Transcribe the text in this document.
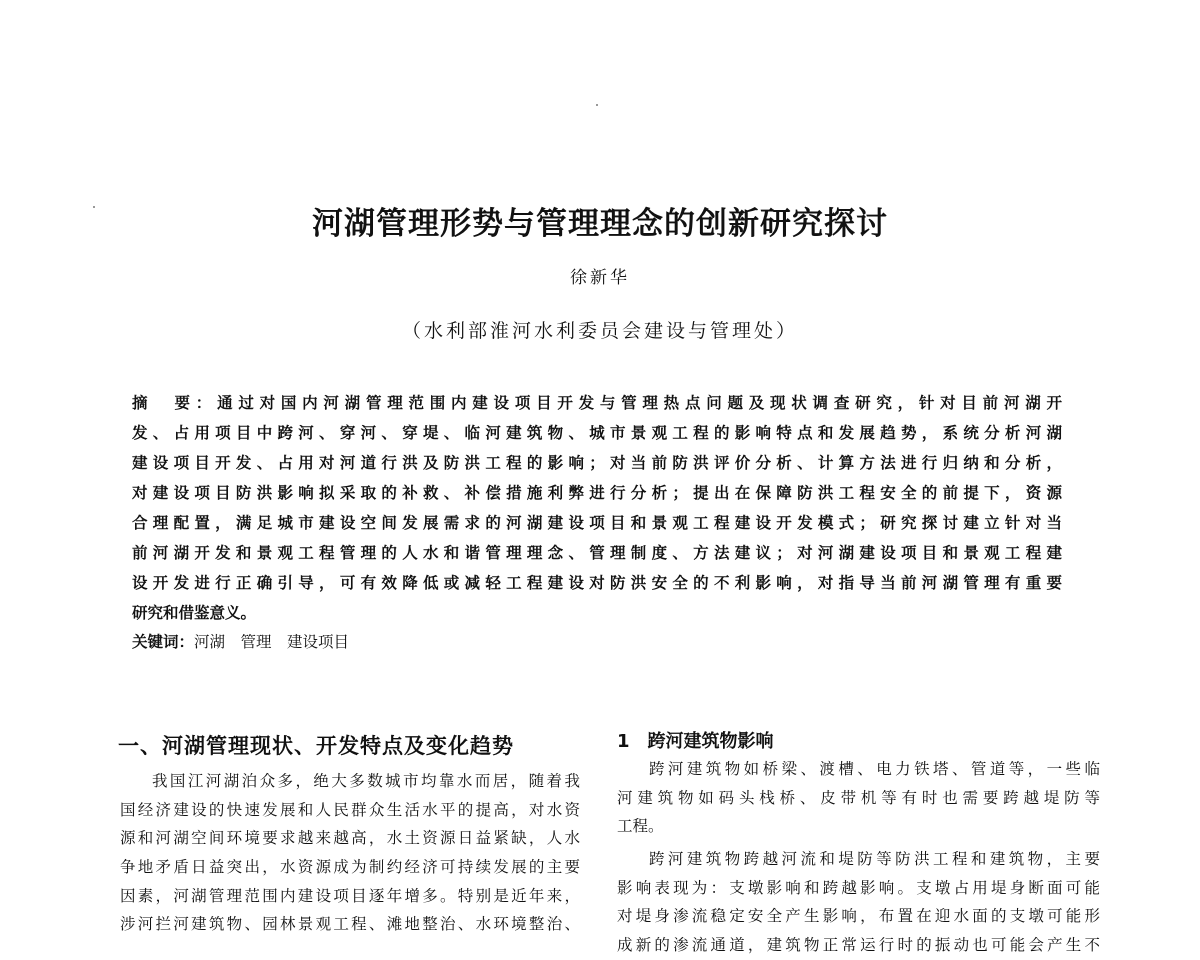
河湖管理形势与管理理念的创新研究探讨
徐新华
（水利部淮河水利委员会建设与管理处）
摘　要：通过对国内河湖管理范围内建设项目开发与管理热点问题及现状调查研究，针对目前河湖开
发、占用项目中跨河、穿河、穿堤、临河建筑物、城市景观工程的影响特点和发展趋势，系统分析河湖
建设项目开发、占用对河道行洪及防洪工程的影响；对当前防洪评价分析、计算方法进行归纳和分析，
对建设项目防洪影响拟采取的补救、补偿措施利弊进行分析；提出在保障防洪工程安全的前提下，资源
合理配置，满足城市建设空间发展需求的河湖建设项目和景观工程建设开发模式；研究探讨建立针对当
前河湖开发和景观工程管理的人水和谐管理理念、管理制度、方法建议；对河湖建设项目和景观工程建
设开发进行正确引导，可有效降低或减轻工程建设对防洪安全的不利影响，对指导当前河湖管理有重要
研究和借鉴意义。
关键词：河湖　管理　建设项目
一、河湖管理现状、开发特点及变化趋势
我国江河湖泊众多，绝大多数城市均靠水而居，随着我
国经济建设的快速发展和人民群众生活水平的提高，对水资
源和河湖空间环境要求越来越高，水土资源日益紧缺，人水
争地矛盾日益突出，水资源成为制约经济可持续发展的主要
因素，河湖管理范围内建设项目逐年增多。特别是近年来，
涉河拦河建筑物、园林景观工程、滩地整治、水环境整治、
1　跨河建筑物影响
跨河建筑物如桥梁、渡槽、电力铁塔、管道等，一些临
河建筑物如码头栈桥、皮带机等有时也需要跨越堤防等
工程。
跨河建筑物跨越河流和堤防等防洪工程和建筑物，主要
影响表现为：支墩影响和跨越影响。支墩占用堤身断面可能
对堤身渗流稳定安全产生影响，布置在迎水面的支墩可能形
成新的渗流通道，建筑物正常运行时的振动也可能会产生不
